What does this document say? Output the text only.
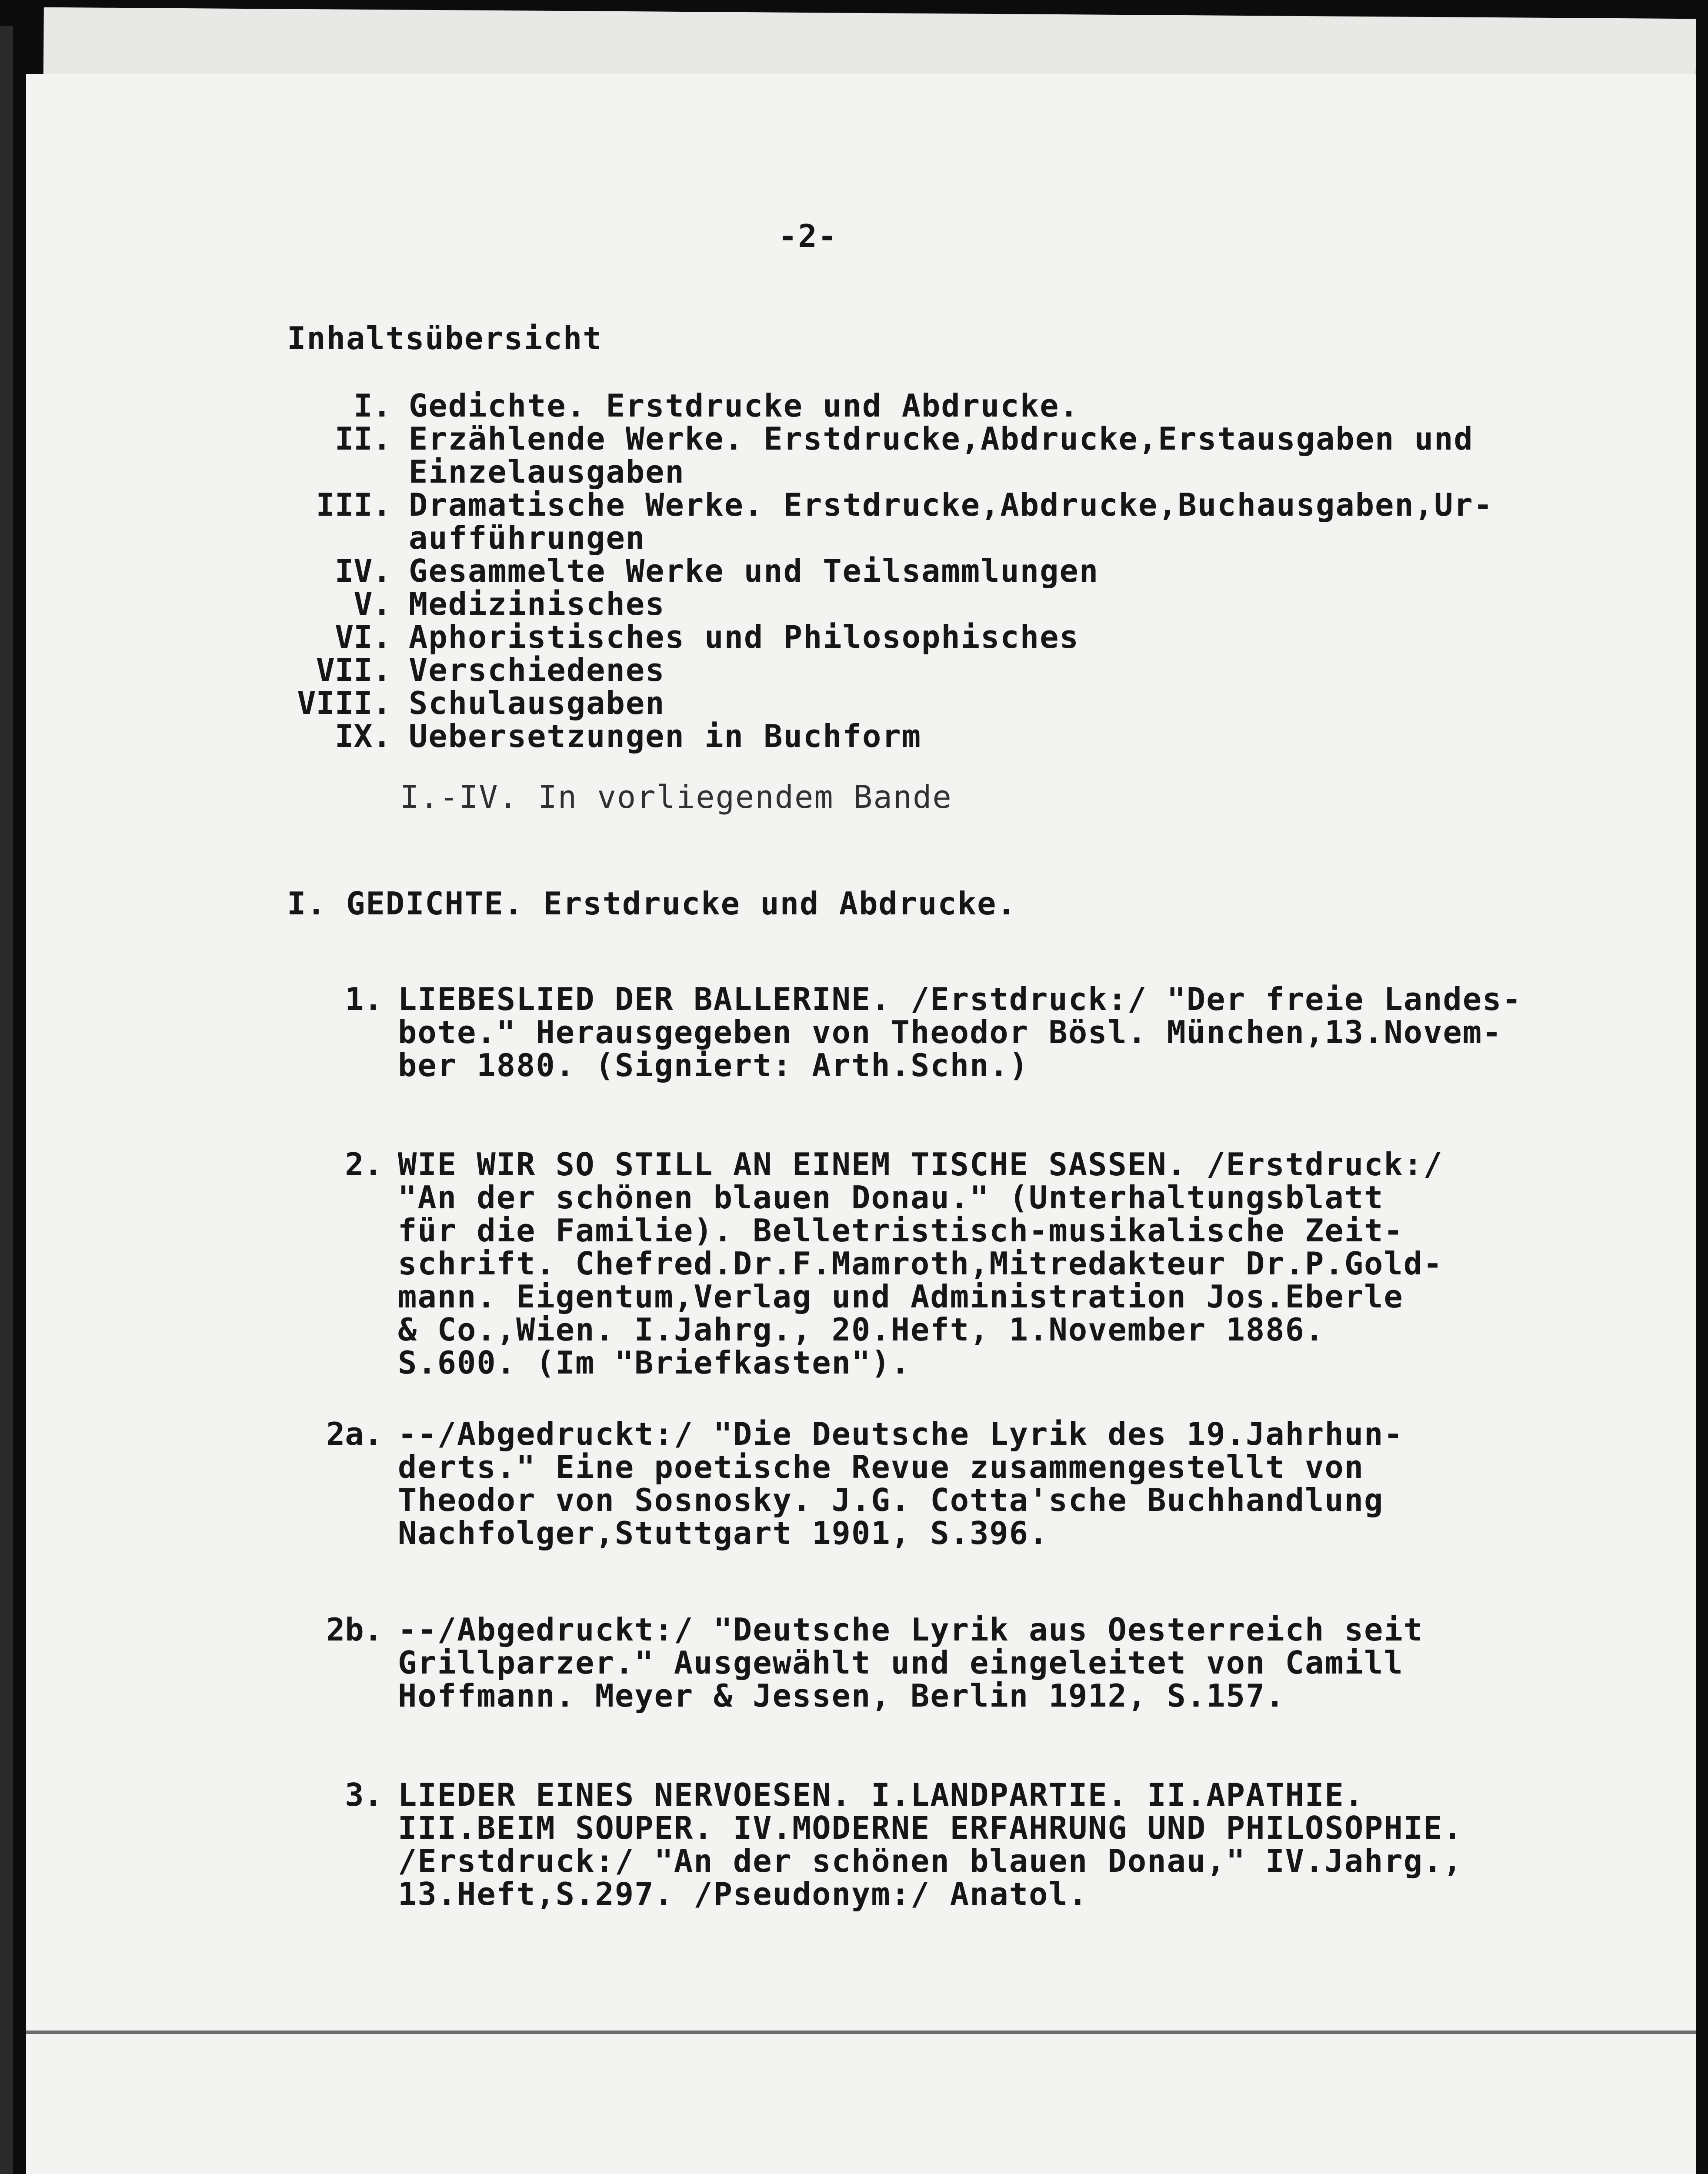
-2-
Inhaltsübersicht
I. Gedichte. Erstdrucke und Abdrucke.
II. Erzählende Werke. Erstdrucke,Abdrucke,Erstausgaben und
Einzelausgaben
III. Dramatische Werke. Erstdrucke,Abdrucke,Buchausgaben,Ur-
aufführungen
IV. Gesammelte Werke und Teilsammlungen
V. Medizinisches
VI. Aphoristisches und Philosophisches
VII. Verschiedenes
VIII. Schulausgaben
IX. Uebersetzungen in Buchform
I.-IV. In vorliegendem Bande
I. GEDICHTE. Erstdrucke und Abdrucke.
1. LIEBESLIED DER BALLERINE. /Erstdruck:/ "Der freie Landes-
bote." Herausgegeben von Theodor Bösl. München,13.Novem-
ber 1880. (Signiert: Arth.Schn.)
2. WIE WIR SO STILL AN EINEM TISCHE SASSEN. /Erstdruck:/
"An der schönen blauen Donau." (Unterhaltungsblatt
für die Familie). Belletristisch-musikalische Zeit-
schrift. Chefred.Dr.F.Mamroth,Mitredakteur Dr.P.Gold-
mann. Eigentum,Verlag und Administration Jos.Eberle
& Co.,Wien. I.Jahrg., 20.Heft, 1.November 1886.
S.600. (Im "Briefkasten").
2a. --/Abgedruckt:/ "Die Deutsche Lyrik des 19.Jahrhun-
derts." Eine poetische Revue zusammengestellt von
Theodor von Sosnosky. J.G. Cotta'sche Buchhandlung
Nachfolger,Stuttgart 1901, S.396.
2b. --/Abgedruckt:/ "Deutsche Lyrik aus Oesterreich seit
Grillparzer." Ausgewählt und eingeleitet von Camill
Hoffmann. Meyer & Jessen, Berlin 1912, S.157.
3. LIEDER EINES NERVOESEN. I.LANDPARTIE. II.APATHIE.
III.BEIM SOUPER. IV.MODERNE ERFAHRUNG UND PHILOSOPHIE.
/Erstdruck:/ "An der schönen blauen Donau," IV.Jahrg.,
13.Heft,S.297. /Pseudonym:/ Anatol.
